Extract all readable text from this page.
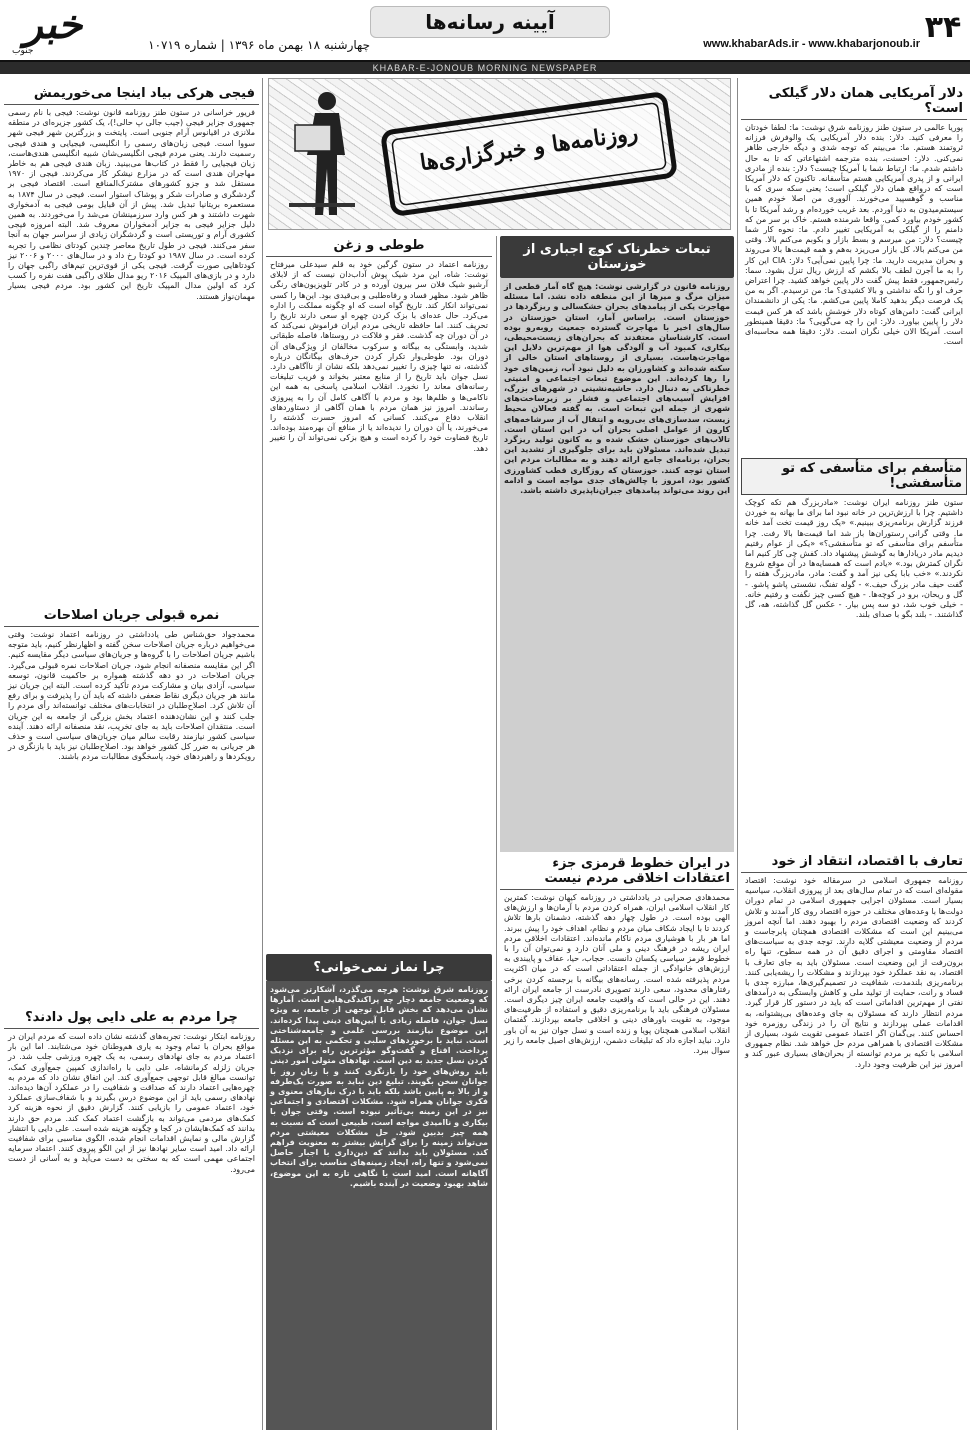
۳۴
www.khabarAds.ir - www.khabarjonoub.ir
آیینه رسانه‌ها
چهارشنبه ۱۸ بهمن ماه ۱۳۹۶ | شماره ۱۰۷۱۹
خبر
جنوب
KHABAR-E-JONOUB MORNING NEWSPAPER
دلار آمریکایی همان دلار گیلکی است؟
پوریا عالمی در ستون طنز روزنامه شرق نوشت: ما: لطفا خودتان را معرفی کنید. دلار: بنده دلار آمریکایی یک والوفرش فرزانه ثروتمند هستم. ما: می‌بینم که توجه شدی و دیگه خارجی ظاهر نمی‌کنی. دلار: احسنت، بنده مترجمه اشتهاعاتی که تا به حال داشتم شدم. ما: ارتباط شما با آمریکا چیست؟ دلار: بنده از مادری ایرانی و از پدری آمریکایی هستم متأسفانه. تاکنون که دلار آمریکا است که درواقع همان دلار گیلکی است؛ یعنی سکه سری که با مناسب و گوهسپید می‌خورند. آلووری من اصلا خودم همین سیستم‌میدون به دنیا آوردم. بعد غریب خورده‌ام و رشد آمریکا تا با کشور خودم بیاورد کمی. واقعا شرمنده هستم. خاک بر سر من که دامنم را از گیلکی به آمریکایی تغییر دادم. ما: نحوه کار شما چیست؟ دلار: من میرسم و بسط بازار و بکوبم می‌کنم بالا. وقتی من می‌کنم بالا، کل بازار می‌ریزد به‌هم و همه قیمت‌ها بالا می‌روند و بحران مدیریت دارید. ما: چرا پایین نمی‌آیی؟ دلار: CIA این کار را به ما آجرن لطف بالا بکشم که ارزش ریال تنزل بشود. سما: رئیس‌جمهور، فقط پیش گفت دلار پایین خواهد کشید. چرا اعتراض حرف او را نگه نداشتی و بالا کشیدی؟ ما: من ترسیدم. اگر به من یک فرصت دیگر بدهید کاملا پایین می‌کشم. ما: یکی از دانشمندان ایرانی گفت: دامن‌های کوتاه دلار خوشش باشد که هر کس قیمت دلار را پایین بیاورد. دلار: این را چه می‌گویی؟ ما: دقیقا همینطور است. آمریکا الان خیلی نگران است. دلار: دقیقا همه محاسبه‌ای است.
متأسفم برای متأسفی که تو متأسفشی!
ستون طنز روزنامه ایران نوشت: «مادربزرگ هم تکه کوچک داشتیم. چرا با ارزش‌ترین در خانه نبود اما برای ما بهانه به خوردن فرزند گزارش برنامه‌ریزی ببینیم.» «یک روز قیمت تخت آمد خانه ما. وقتی گرانی رستوران‌ها باز شد اما قیمت‌ها بالا رفت. چرا متأسفم برای متأسفی که تو متأسفشی؟» «یکی از عوام رفتیم دیدیم مادر دریادارها به گوشش پیشنهاد داد. کفش چی کار کنیم اما نگران کمترش بود.» «یادم است که همسایه‌ها در آن موقع شروع نکردند.» «خب بابا یکی نیز آمد و گفت: مادر، مادربزرگ هفته را گفت حیف مادر بزرگ حیف.» - گوله تفنگ، نشستی پاشو پاشو. - گل و ریحان، برو در کوچه‌ها. - هیچ کسی چیز نگفت و رفتیم خانه. - خیلی خوب شد، دو سه پس بیار. - عکس گل گذاشته، هه، گل گذاشتند. - بلند بگو با صدای بلند.
تعارف با اقتصاد، انتقاد از خود
روزنامه جمهوری اسلامی در سرمقاله خود نوشت: اقتصاد مقوله‌ای است که در تمام سال‌های بعد از پیروزی انقلاب، سیاسیه بسیار است. مسئولان اجرایی جمهوری اسلامی در تمام دوران دولت‌ها با وعده‌های مختلف در حوزه اقتصاد روی کار آمدند و تلاش کردند که وضعیت اقتصادی مردم را بهبود دهند. اما آنچه امروز می‌بینیم این است که مشکلات اقتصادی همچنان پابرجاست و مردم از وضعیت معیشتی گلایه دارند. توجه جدی به سیاست‌های اقتصاد مقاومتی و اجرای دقیق آن در همه سطوح، تنها راه برون‌رفت از این وضعیت است. مسئولان باید به جای تعارف با اقتصاد، به نقد عملکرد خود بپردازند و مشکلات را ریشه‌یابی کنند. برنامه‌ریزی بلندمدت، شفافیت در تصمیم‌گیری‌ها، مبارزه جدی با فساد و رانت، حمایت از تولید ملی و کاهش وابستگی به درآمدهای نفتی از مهم‌ترین اقداماتی است که باید در دستور کار قرار گیرد. مردم انتظار دارند که مسئولان به جای وعده‌های بی‌پشتوانه، به اقدامات عملی بپردازند و نتایج آن را در زندگی روزمره خود احساس کنند. بی‌گمان اگر اعتماد عمومی تقویت شود، بسیاری از مشکلات اقتصادی با همراهی مردم حل خواهد شد. نظام جمهوری اسلامی با تکیه بر مردم توانسته از بحران‌های بسیاری عبور کند و امروز نیز این ظرفیت وجود دارد.
روزنامه‌ها و خبرگزاری‌ها
تبعات خطرناک کوچ اجباری از خوزستان
روزنامه قانون در گزارشی نوشت: هیچ گاه آمار قطعی از میزان مرگ و میرها از این منطقه داده نشد. اما مسئله مهاجرت یکی از پیامدهای بحران خشکسالی و ریزگردها در خوزستان است. براساس آمار، استان خوزستان در سال‌های اخیر با مهاجرت گسترده جمعیت روبه‌رو بوده است. کارشناسان معتقدند که بحران‌های زیست‌محیطی، بیکاری، کمبود آب و آلودگی هوا از مهم‌ترین دلایل این مهاجرت‌هاست. بسیاری از روستاهای استان خالی از سکنه شده‌اند و کشاورزان به دلیل نبود آب، زمین‌های خود را رها کرده‌اند. این موضوع تبعات اجتماعی و امنیتی خطرناکی به دنبال دارد. حاشیه‌نشینی در شهرهای بزرگ، افزایش آسیب‌های اجتماعی و فشار بر زیرساخت‌های شهری از جمله این تبعات است. به گفته فعالان محیط زیست، سدسازی‌های بی‌رویه و انتقال آب از سرشاخه‌های کارون از عوامل اصلی بحران آب در این استان است. تالاب‌های خوزستان خشک شده و به کانون تولید ریزگرد تبدیل شده‌اند. مسئولان باید برای جلوگیری از تشدید این بحران، برنامه‌ای جامع ارائه دهند و به مطالبات مردم این استان توجه کنند. خوزستان که روزگاری قطب کشاورزی کشور بود، امروز با چالش‌های جدی مواجه است و ادامه این روند می‌تواند پیامدهای جبران‌ناپذیری داشته باشد.
در ایران خطوط قرمزی جزء اعتقادات اخلاقی مردم نیست
محمدهادی صحرایی در یادداشتی در روزنامه کیهان نوشت: کمترین کار انقلاب اسلامی ایران، همراه کردن مردم با آرمان‌ها و ارزش‌های الهی بوده است. در طول چهار دهه گذشته، دشمنان بارها تلاش کردند تا با ایجاد شکاف میان مردم و نظام، اهداف خود را پیش ببرند. اما هر بار با هوشیاری مردم ناکام مانده‌اند. اعتقادات اخلاقی مردم ایران ریشه در فرهنگ دینی و ملی آنان دارد و نمی‌توان آن را با خطوط قرمز سیاسی یکسان دانست. حجاب، حیا، عفاف و پایبندی به ارزش‌های خانوادگی از جمله اعتقاداتی است که در میان اکثریت مردم پذیرفته شده است. رسانه‌های بیگانه با برجسته کردن برخی رفتارهای محدود، سعی دارند تصویری نادرست از جامعه ایران ارائه دهند. این در حالی است که واقعیت جامعه ایران چیز دیگری است. مسئولان فرهنگی باید با برنامه‌ریزی دقیق و استفاده از ظرفیت‌های موجود، به تقویت باورهای دینی و اخلاقی جامعه بپردازند. گفتمان انقلاب اسلامی همچنان پویا و زنده است و نسل جوان نیز به آن باور دارد. نباید اجازه داد که تبلیغات دشمن، ارزش‌های اصیل جامعه را زیر سوال ببرد.
طوطی و زغن
روزنامه اعتماد در ستون گرگین خود به قلم سیدعلی میرفتاح نوشت: شاه، این مرد شیک پوش آداب‌دان نیست که از لابلای آرشیو شیک فلان سر بیرون آورده و در کادر تلویزیون‌های رنگی ظاهر شود. مظهر فساد و رفاه‌طلبی و بی‌قیدی بود. این‌ها را کسی نمی‌تواند انکار کند. تاریخ گواه است که او چگونه مملکت را اداره می‌کرد. حال عده‌ای با بزک کردن چهره او سعی دارند تاریخ را تحریف کنند. اما حافظه تاریخی مردم ایران فراموش نمی‌کند که در آن دوران چه گذشت. فقر و فلاکت در روستاها، فاصله طبقاتی شدید، وابستگی به بیگانه و سرکوب مخالفان از ویژگی‌های آن دوران بود. طوطی‌وار تکرار کردن حرف‌های بیگانگان درباره گذشته، نه تنها چیزی را تغییر نمی‌دهد بلکه نشان از ناآگاهی دارد. نسل جوان باید تاریخ را از منابع معتبر بخواند و فریب تبلیغات رسانه‌های معاند را نخورد. انقلاب اسلامی پاسخی به همه این ناکامی‌ها و ظلم‌ها بود و مردم با آگاهی کامل آن را به پیروزی رساندند. امروز نیز همان مردم با همان آگاهی از دستاوردهای انقلاب دفاع می‌کنند. کسانی که امروز حسرت گذشته را می‌خورند، یا آن دوران را ندیده‌اند یا از منافع آن بهره‌مند بوده‌اند. تاریخ قضاوت خود را کرده است و هیچ بزکی نمی‌تواند آن را تغییر دهد.
چرا نماز نمی‌خوانی؟
روزنامه شرق نوشت: هرچه می‌گذرد، آشکارتر می‌شود که وضعیت جامعه دچار چه پراکندگی‌هایی است. آمارها نشان می‌دهد که بخش قابل توجهی از جامعه، به ویژه نسل جوان، فاصله زیادی با آیین‌های دینی پیدا کرده‌اند. این موضوع نیازمند بررسی علمی و جامعه‌شناختی است. نباید با برخوردهای سلبی و تحکمی به این مسئله پرداخت. اقناع و گفت‌وگو مؤثرترین راه برای نزدیک کردن نسل جدید به دین است. نهادهای متولی امور دینی باید روش‌های خود را بازنگری کنند و با زبان روز با جوانان سخن بگویند. تبلیغ دین نباید به صورت یک‌طرفه و از بالا به پایین باشد بلکه باید با درک نیازهای معنوی و فکری جوانان همراه شود. مشکلات اقتصادی و اجتماعی نیز در این زمینه بی‌تأثیر نبوده است. وقتی جوان با بیکاری و ناامیدی مواجه است، طبیعی است که نسبت به همه چیز بدبین شود. حل مشکلات معیشتی مردم می‌تواند زمینه را برای گرایش بیشتر به معنویت فراهم کند. مسئولان باید بدانند که دین‌داری با اجبار حاصل نمی‌شود و تنها راه، ایجاد زمینه‌های مناسب برای انتخاب آگاهانه است. امید است با نگاهی تازه به این موضوع، شاهد بهبود وضعیت در آینده باشیم.
فیجی هرکی بیاد اینجا می‌خوریمش
فریور خراسانی در ستون طنز روزنامه قانون نوشت: فیجی با نام رسمی جمهوری جزایر فیجی (جیب جالی پ‌ حالی!)، یک کشور جزیره‌ای در منطقه ملانزی در اقیانوس آرام جنوبی است. پایتخت و بزرگترین شهر فیجی شهر سووا است. فیجی زبان‌های رسمی را انگلیسی، فیجیایی و هندی فیجی رسمیت دارند. یعنی مردم فیجی انگلیسی‌شان شبیه انگلیسی هندی‌هاست، زبان فیجیایی را فقط در کتاب‌ها می‌بینید. زبان هندی فیجی هم به خاطر مهاجران هندی است که در مزارع نیشکر کار می‌کردند. فیجی از ۱۹۷۰ مستقل شد و جزو کشورهای مشترک‌المنافع است. اقتصاد فیجی بر گردشگری و صادرات شکر و پوشاک استوار است. فیجی در سال ۱۸۷۴ به مستعمره بریتانیا تبدیل شد. پیش از آن قبایل بومی فیجی به آدمخواری شهرت داشتند و هر کس وارد سرزمینشان می‌شد را می‌خوردند. به همین دلیل جزایر فیجی به جزایر آدمخواران معروف شد. البته امروزه فیجی کشوری آرام و توریستی است و گردشگران زیادی از سراسر جهان به آنجا سفر می‌کنند. فیجی در طول تاریخ معاصر چندین کودتای نظامی را تجربه کرده است. در سال ۱۹۸۷ دو کودتا رخ داد و در سال‌های ۲۰۰۰ و ۲۰۰۶ نیز کودتاهایی صورت گرفت. فیجی یکی از قوی‌ترین تیم‌های راگبی جهان را دارد و در بازی‌های المپیک ۲۰۱۶ ریو مدال طلای راگبی هفت نفره را کسب کرد که اولین مدال المپیک تاریخ این کشور بود. مردم فیجی بسیار مهمان‌نواز هستند.
نمره قبولی جریان اصلاحات
محمدجواد حق‌شناس طی یادداشتی در روزنامه اعتماد نوشت: وقتی می‌خواهیم درباره جریان اصلاحات سخن گفته و اظهارنظر کنیم، باید متوجه باشیم جریان اصلاحات را با گروه‌ها و جریان‌های سیاسی دیگر مقایسه کنیم. اگر این مقایسه منصفانه انجام شود، جریان اصلاحات نمره قبولی می‌گیرد. جریان اصلاحات در دو دهه گذشته همواره بر حاکمیت قانون، توسعه سیاسی، آزادی بیان و مشارکت مردم تأکید کرده است. البته این جریان نیز مانند هر جریان دیگری نقاط ضعفی داشته که باید آن را پذیرفت و برای رفع آن تلاش کرد. اصلاح‌طلبان در انتخابات‌های مختلف توانسته‌اند رأی مردم را جلب کنند و این نشان‌دهنده اعتماد بخش بزرگی از جامعه به این جریان است. منتقدان اصلاحات باید به جای تخریب، نقد منصفانه ارائه دهند. آینده سیاسی کشور نیازمند رقابت سالم میان جریان‌های سیاسی است و حذف هر جریانی به ضرر کل کشور خواهد بود. اصلاح‌طلبان نیز باید با بازنگری در رویکردها و راهبردهای خود، پاسخگوی مطالبات مردم باشند.
چرا مردم به علی دایی پول دادند؟
روزنامه ابتکار نوشت: تجربه‌های گذشته نشان داده است که مردم ایران در مواقع بحران با تمام وجود به یاری هم‌وطنان خود می‌شتابند. اما این بار اعتماد مردم به جای نهادهای رسمی، به یک چهره ورزشی جلب شد. در جریان زلزله کرمانشاه، علی دایی با راه‌اندازی کمپین جمع‌آوری کمک، توانست مبالغ قابل توجهی جمع‌آوری کند. این اتفاق نشان داد که مردم به چهره‌هایی اعتماد دارند که صداقت و شفافیت را در عملکرد آن‌ها دیده‌اند. نهادهای رسمی باید از این موضوع درس بگیرند و با شفاف‌سازی عملکرد خود، اعتماد عمومی را بازیابی کنند. گزارش دقیق از نحوه هزینه کرد کمک‌های مردمی می‌تواند به بازگشت اعتماد کمک کند. مردم حق دارند بدانند که کمک‌هایشان در کجا و چگونه هزینه شده است. علی دایی با انتشار گزارش مالی و نمایش اقدامات انجام شده، الگوی مناسبی برای شفافیت ارائه داد. امید است سایر نهادها نیز از این الگو پیروی کنند. اعتماد سرمایه اجتماعی مهمی است که به سختی به دست می‌آید و به آسانی از دست می‌رود.
